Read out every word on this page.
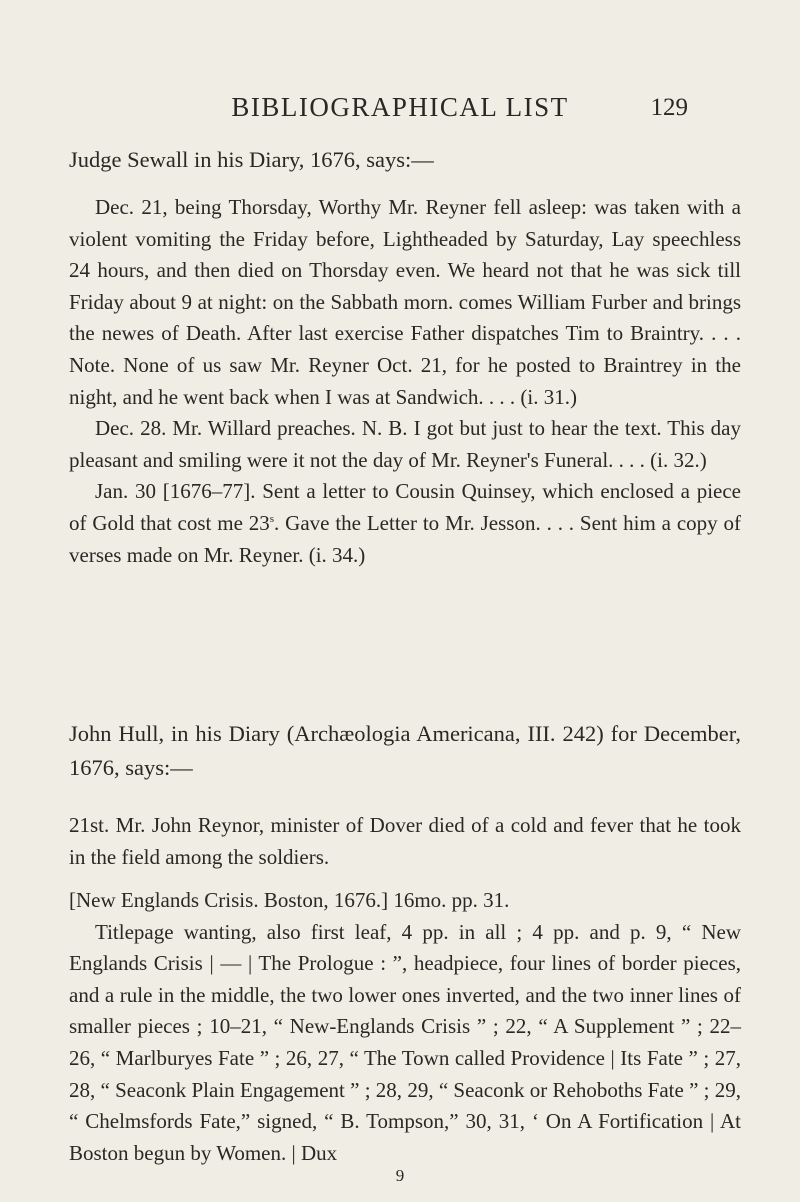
BIBLIOGRAPHICAL LIST	129

Judge Sewall in his Diary, 1676, says:—

Dec. 21, being Thorsday, Worthy Mr. Reyner fell asleep: was taken with a violent vomiting the Friday before, Lightheaded by Saturday, Lay speechless 24 hours, and then died on Thorsday even. We heard not that he was sick till Friday about 9 at night: on the Sabbath morn. comes William Furber and brings the newes of Death. After last exercise Father dispatches Tim to Braintry. . . . Note. None of us saw Mr. Reyner Oct. 21, for he posted to Braintrey in the night, and he went back when I was at Sandwich. . . . (i. 31.)

Dec. 28. Mr. Willard preaches. N. B. I got but just to hear the text. This day pleasant and smiling were it not the day of Mr. Reyner's Funeral. . . . (i. 32.)

Jan. 30 [1676–77]. Sent a letter to Cousin Quinsey, which enclosed a piece of Gold that cost me 23$^s$. Gave the Letter to Mr. Jesson. . . . Sent him a copy of verses made on Mr. Reyner. (i. 34.)

John Hull, in his Diary (Archæologia Americana, III. 242) for December, 1676, says:—

21st. Mr. John Reynor, minister of Dover died of a cold and fever that he took in the field among the soldiers.

[New Englands Crisis. Boston, 1676.] 16mo. pp. 31.

Titlepage wanting, also first leaf, 4 pp. in all ; 4 pp. and p. 9, “ New Englands Crisis | — | The Prologue : ”, headpiece, four lines of border pieces, and a rule in the middle, the two lower ones inverted, and the two inner lines of smaller pieces ; 10–21, “ New-Englands Crisis ” ; 22, “ A Supplement ” ; 22–26, “ Marlburyes Fate ” ; 26, 27, “ The Town called Providence | Its Fate ” ; 27, 28, “ Seaconk Plain Engagement ” ; 28, 29, “ Seaconk or Rehoboths Fate ” ; 29, “ Chelmsfords Fate,” signed, “ B. Tompson,” 30, 31, ‘ On A Fortification | At Boston begun by Women. | Dux

9
